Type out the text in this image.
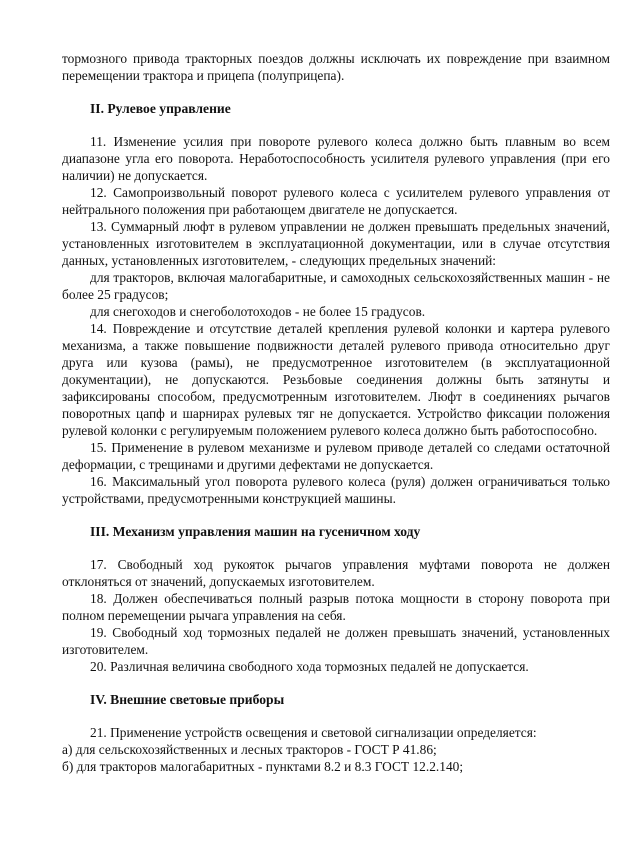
тормозного привода тракторных поездов должны исключать их повреждение при взаимном перемещении трактора и прицепа (полуприцепа).

II. Рулевое управление

11. Изменение усилия при повороте рулевого колеса должно быть плавным во всем диапазоне угла его поворота. Неработоспособность усилителя рулевого управления (при его наличии) не допускается.

12. Самопроизвольный поворот рулевого колеса с усилителем рулевого управления от нейтрального положения при работающем двигателе не допускается.

13. Суммарный люфт в рулевом управлении не должен превышать предельных значений, установленных изготовителем в эксплуатационной документации, или в случае отсутствия данных, установленных изготовителем, - следующих предельных значений:

для тракторов, включая малогабаритные, и самоходных сельскохозяйственных машин - не более 25 градусов;

для снегоходов и снегоболотоходов - не более 15 градусов.

14. Повреждение и отсутствие деталей крепления рулевой колонки и картера рулевого механизма, а также повышение подвижности деталей рулевого привода относительно друг друга или кузова (рамы), не предусмотренное изготовителем (в эксплуатационной документации), не допускаются. Резьбовые соединения должны быть затянуты и зафиксированы способом, предусмотренным изготовителем. Люфт в соединениях рычагов поворотных цапф и шарнирах рулевых тяг не допускается. Устройство фиксации положения рулевой колонки с регулируемым положением рулевого колеса должно быть работоспособно.

15. Применение в рулевом механизме и рулевом приводе деталей со следами остаточной деформации, с трещинами и другими дефектами не допускается.

16. Максимальный угол поворота рулевого колеса (руля) должен ограничиваться только устройствами, предусмотренными конструкцией машины.

III. Механизм управления машин на гусеничном ходу

17. Свободный ход рукояток рычагов управления муфтами поворота не должен отклоняться от значений, допускаемых изготовителем.

18. Должен обеспечиваться полный разрыв потока мощности в сторону поворота при полном перемещении рычага управления на себя.

19. Свободный ход тормозных педалей не должен превышать значений, установленных изготовителем.

20. Различная величина свободного хода тормозных педалей не допускается.

IV. Внешние световые приборы

21. Применение устройств освещения и световой сигнализации определяется:

а) для сельскохозяйственных и лесных тракторов - ГОСТ Р 41.86;

б) для тракторов малогабаритных - пунктами 8.2 и 8.3 ГОСТ 12.2.140;
